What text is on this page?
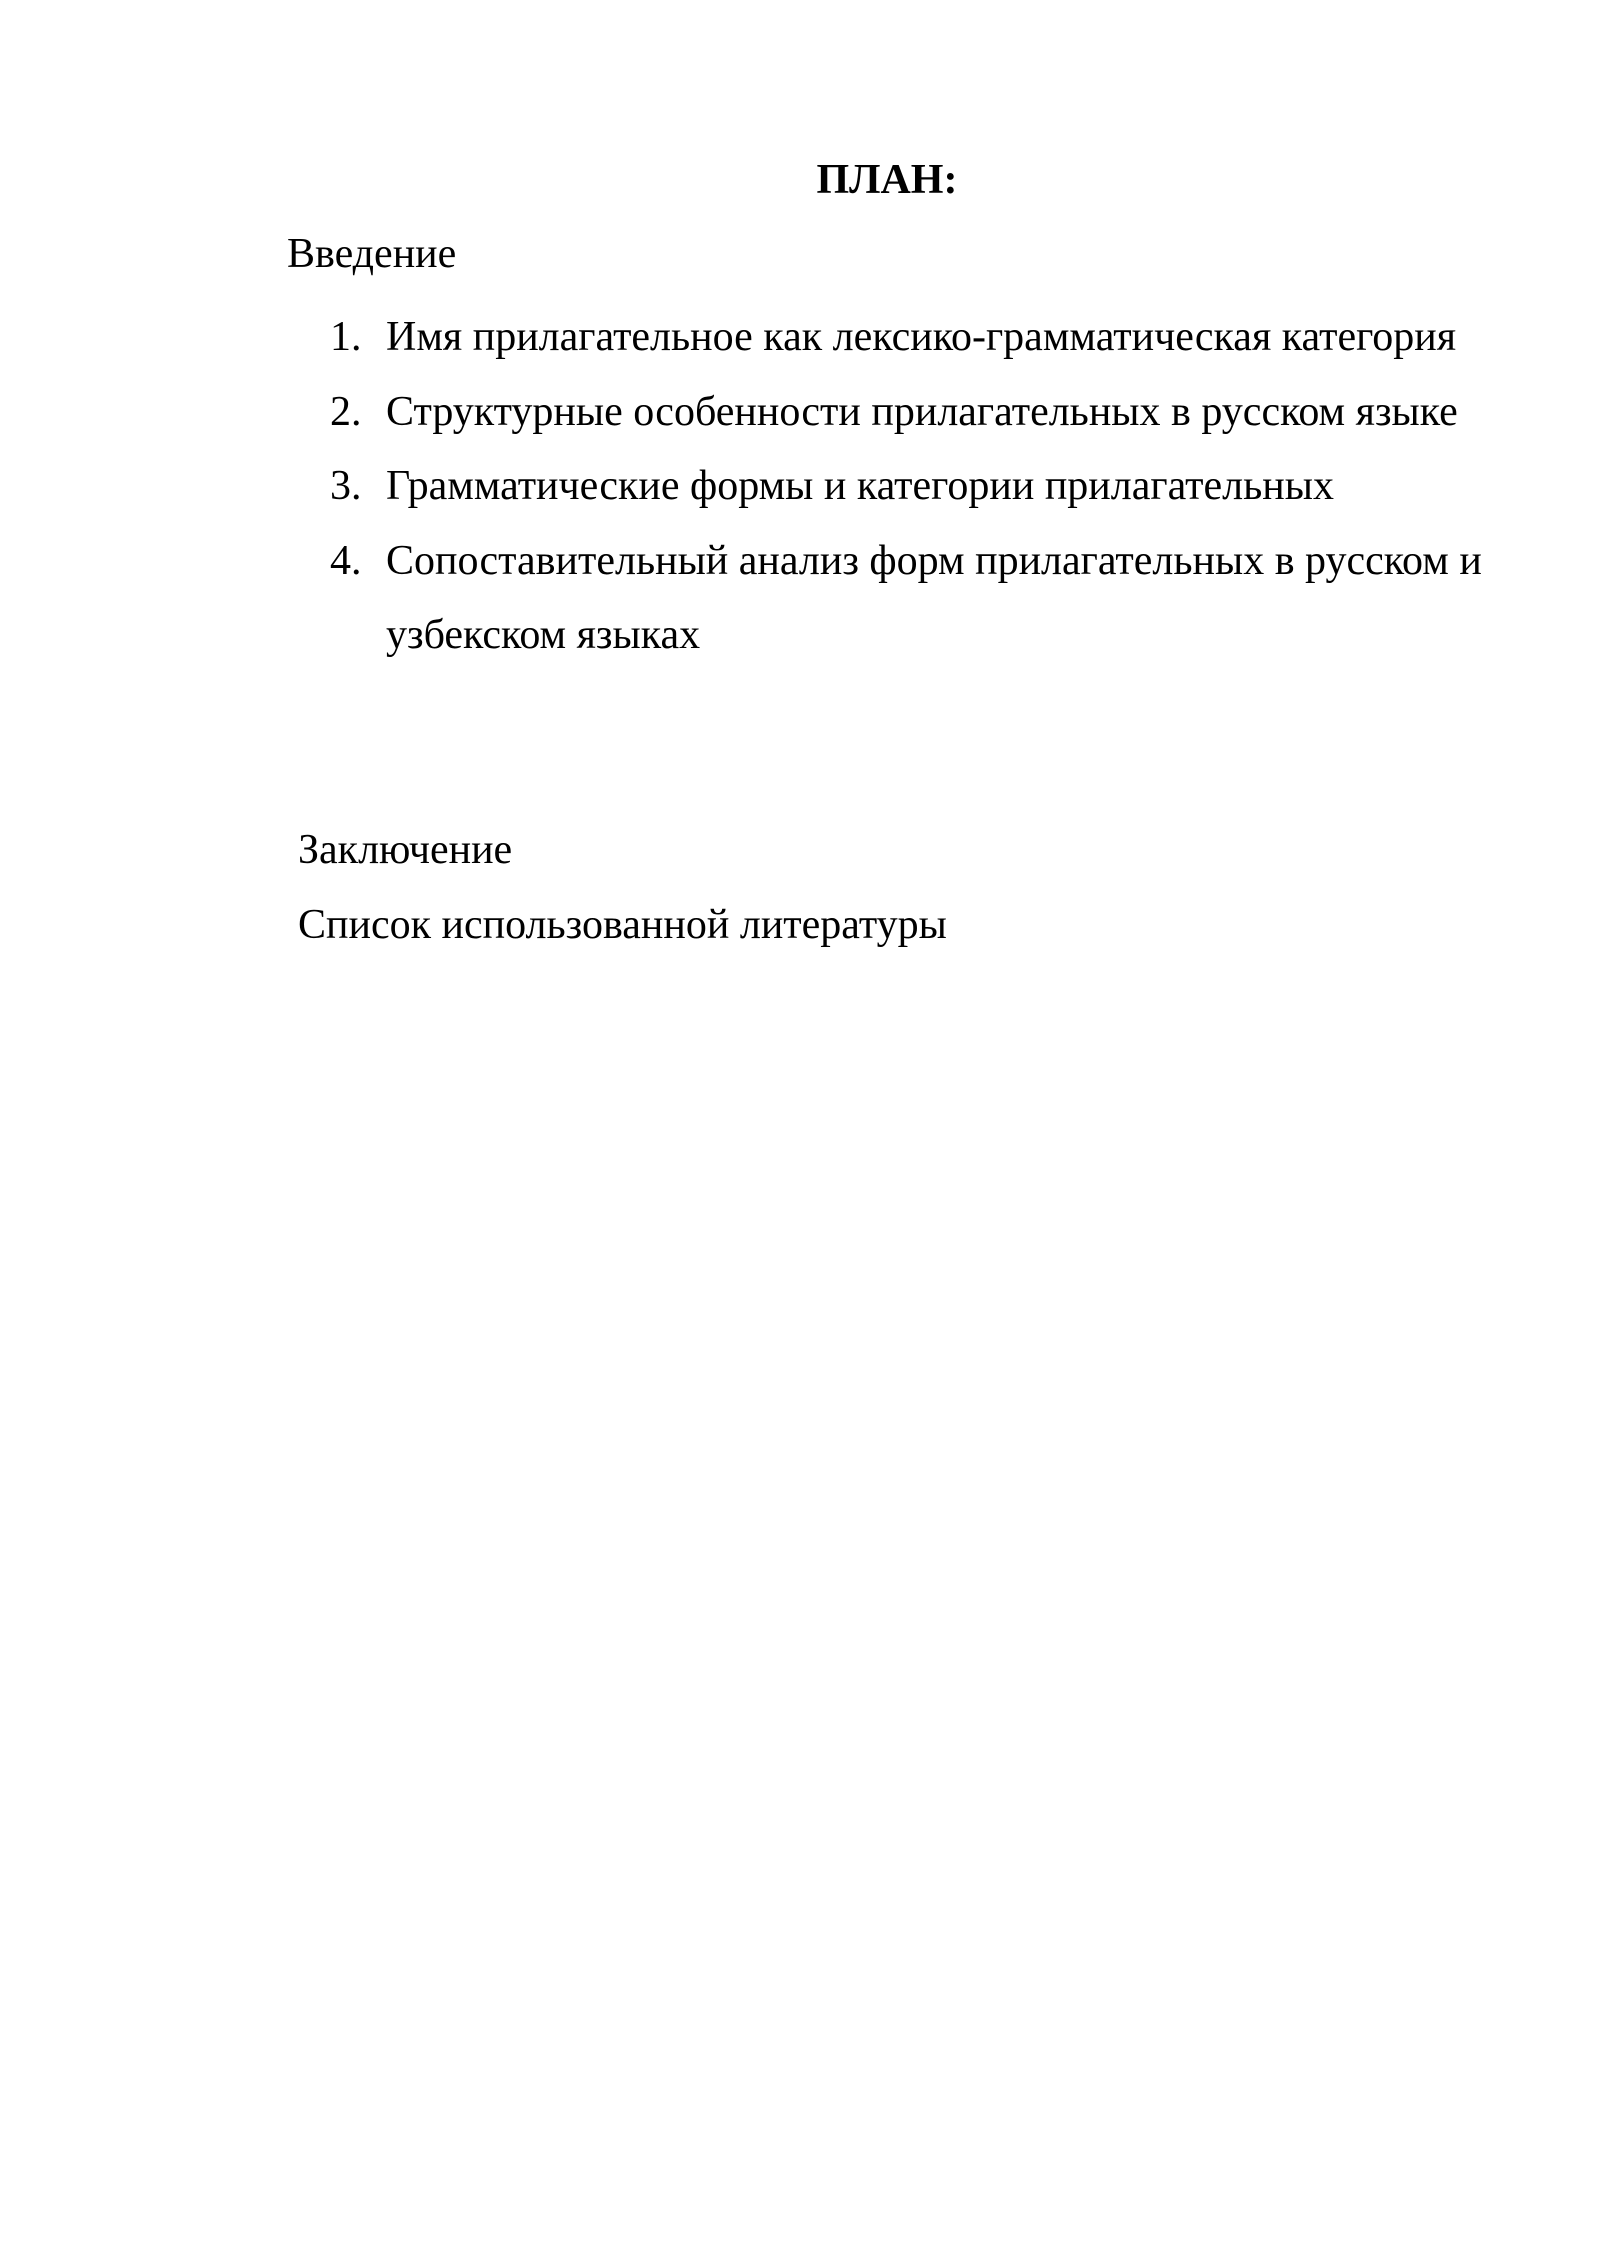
ПЛАН:

Введение

1. Имя прилагательное как лексико-грамматическая категория
2. Структурные особенности прилагательных в русском языке
3. Грамматические формы и категории прилагательных
4. Сопоставительный анализ форм прилагательных в русском и узбекском языках

Заключение

Список использованной литературы
